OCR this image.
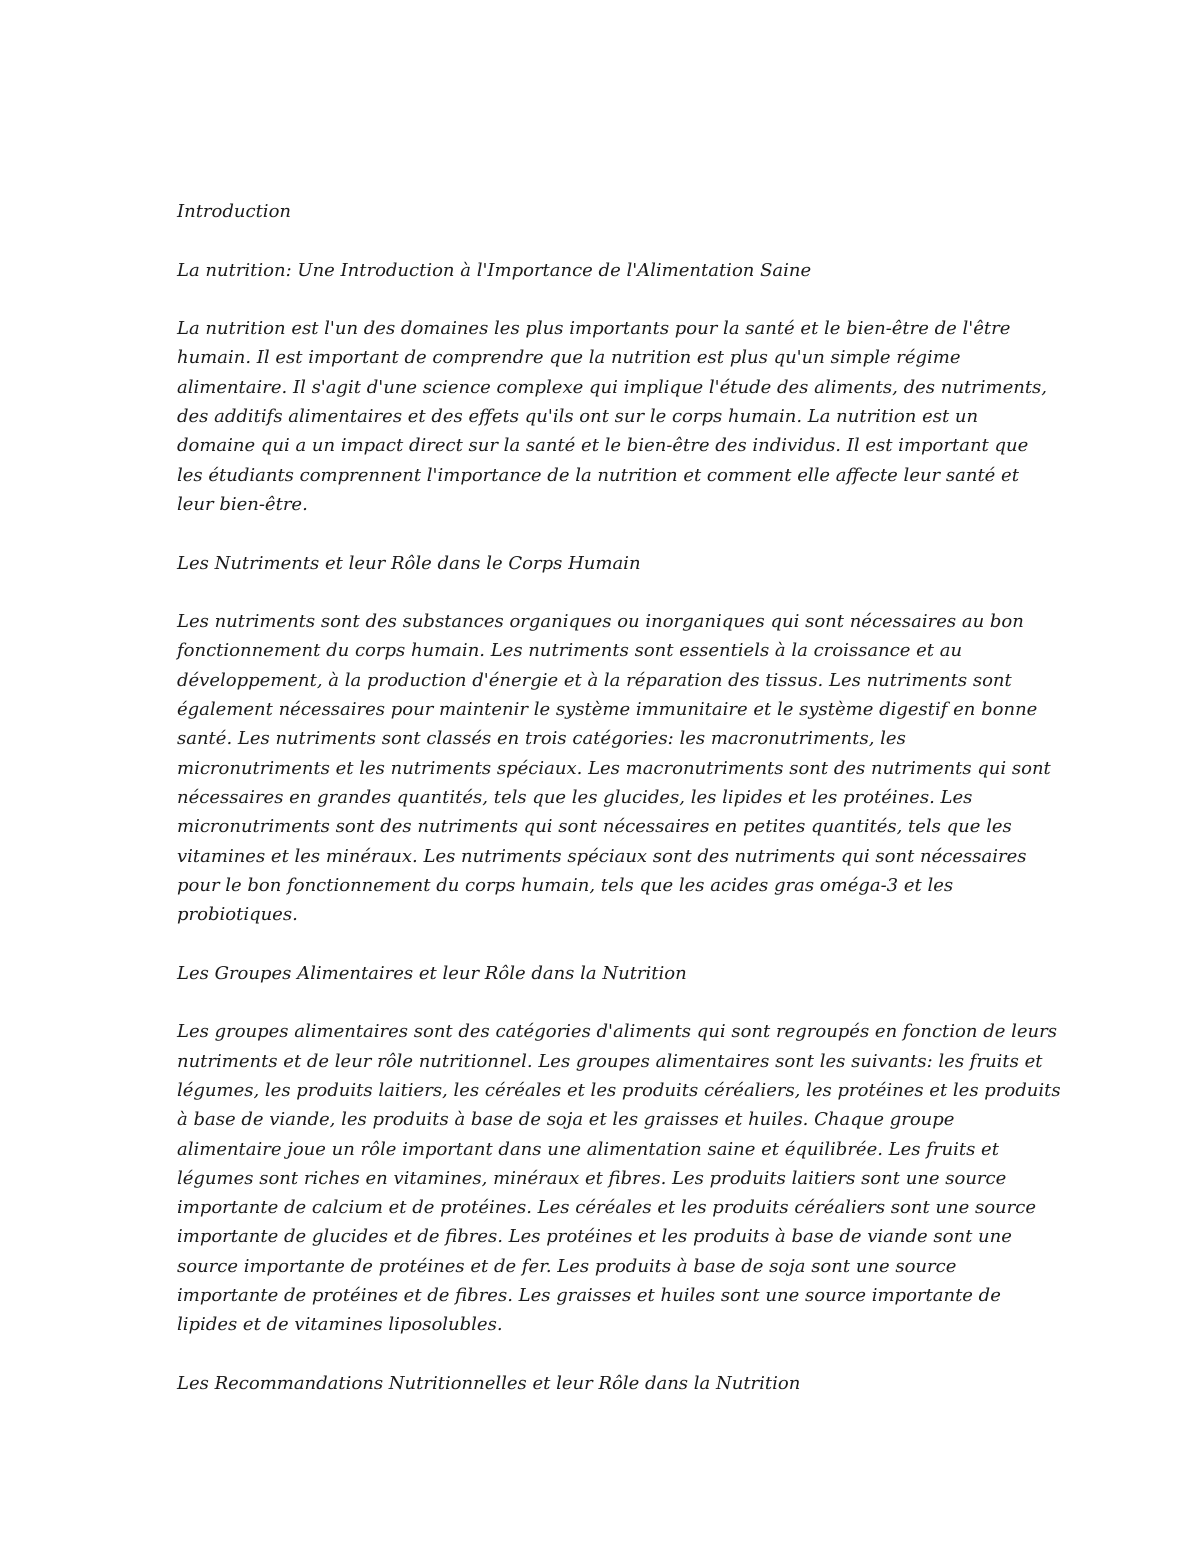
Introduction

La nutrition: Une Introduction à l'Importance de l'Alimentation Saine

La nutrition est l'un des domaines les plus importants pour la santé et le bien-être de l'être
humain. Il est important de comprendre que la nutrition est plus qu'un simple régime
alimentaire. Il s'agit d'une science complexe qui implique l'étude des aliments, des nutriments,
des additifs alimentaires et des effets qu'ils ont sur le corps humain. La nutrition est un
domaine qui a un impact direct sur la santé et le bien-être des individus. Il est important que
les étudiants comprennent l'importance de la nutrition et comment elle affecte leur santé et
leur bien-être.

Les Nutriments et leur Rôle dans le Corps Humain

Les nutriments sont des substances organiques ou inorganiques qui sont nécessaires au bon
fonctionnement du corps humain. Les nutriments sont essentiels à la croissance et au
développement, à la production d'énergie et à la réparation des tissus. Les nutriments sont
également nécessaires pour maintenir le système immunitaire et le système digestif en bonne
santé. Les nutriments sont classés en trois catégories: les macronutriments, les
micronutriments et les nutriments spéciaux. Les macronutriments sont des nutriments qui sont
nécessaires en grandes quantités, tels que les glucides, les lipides et les protéines. Les
micronutriments sont des nutriments qui sont nécessaires en petites quantités, tels que les
vitamines et les minéraux. Les nutriments spéciaux sont des nutriments qui sont nécessaires
pour le bon fonctionnement du corps humain, tels que les acides gras oméga-3 et les
probiotiques.

Les Groupes Alimentaires et leur Rôle dans la Nutrition

Les groupes alimentaires sont des catégories d'aliments qui sont regroupés en fonction de leurs
nutriments et de leur rôle nutritionnel. Les groupes alimentaires sont les suivants: les fruits et
légumes, les produits laitiers, les céréales et les produits céréaliers, les protéines et les produits
à base de viande, les produits à base de soja et les graisses et huiles. Chaque groupe
alimentaire joue un rôle important dans une alimentation saine et équilibrée. Les fruits et
légumes sont riches en vitamines, minéraux et fibres. Les produits laitiers sont une source
importante de calcium et de protéines. Les céréales et les produits céréaliers sont une source
importante de glucides et de fibres. Les protéines et les produits à base de viande sont une
source importante de protéines et de fer. Les produits à base de soja sont une source
importante de protéines et de fibres. Les graisses et huiles sont une source importante de
lipides et de vitamines liposolubles.

Les Recommandations Nutritionnelles et leur Rôle dans la Nutrition
